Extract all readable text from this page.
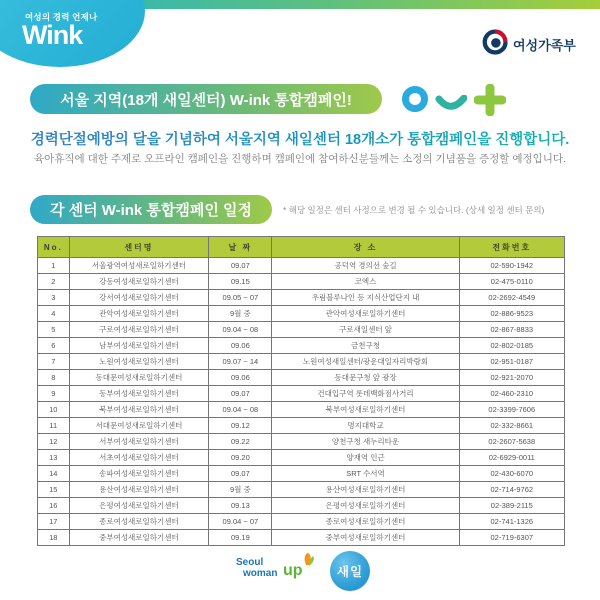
여성의 경력 언제나
Wink	여성가족부
서울 지역(18개 새일센터) W-ink 통합캠페인!
경력단절예방의 달을 기념하여 서울지역 새일센터 18개소가 통합캠페인을 진행합니다.
육아휴직에 대한 주제로 오프라인 캠페인을 진행하며 캠페인에 참여하신분들께는 소정의 기념품을 증정할 예정입니다.
각 센터 W-ink 통합캠페인 일정	* 해당 일정은 센터 사정으로 변경 될 수 있습니다. (상세 일정 센터 문의)
No.	센터명	날 짜	장 소	전화번호
1	서울광역여성새로일하기센터	09.07	공덕역 경의선 숲길	02-590-1942
2	강동여성새로일하기센터	09.15	코엑스	02-475-0110
3	강서여성새로일하기센터	09.05 ~ 07	우림블루나인 등 지식산업단지 내	02-2692-4549
4	관악여성새로일하기센터	9월 중	관악여성새로일하기센터	02-886-9523
5	구로여성새로일하기센터	09.04 ~ 08	구로새일센터 앞	02-867-8833
6	남부여성새로일하기센터	09.06	금천구청	02-802-0185
7	노원여성새로일하기센터	09.07 ~ 14	노원여성새일센터/광운대일자리박람회	02-951-0187
8	동대문여성새로일하기센터	09.06	동대문구청 앞 광장	02-921-2070
9	동부여성새로일하기센터	09.07	건대입구역 롯데백화점사거리	02-460-2310
10	북부여성새로일하기센터	09.04 ~ 08	북부여성새로일하기센터	02-3399-7606
11	서대문여성새로일하기센터	09.12	명지대학교	02-332-8661
12	서부여성새로일하기센터	09.22	양천구청 새누리타운	02-2607-5638
13	서초여성새로일하기센터	09.20	양재역 인근	02-6929-0011
14	송파여성새로일하기센터	09.07	SRT 수서역	02-430-6070
15	용산여성새로일하기센터	9월 중	용산여성새로일하기센터	02-714-9762
16	은평여성새로일하기센터	09.13	은평여성새로일하기센터	02-389-2115
17	종로여성새로일하기센터	09.04 ~ 07	종로여성새로일하기센터	02-741-1326
18	중부여성새로일하기센터	09.19	중부여성새로일하기센터	02-719-6307
Seoul
woman up	새일
